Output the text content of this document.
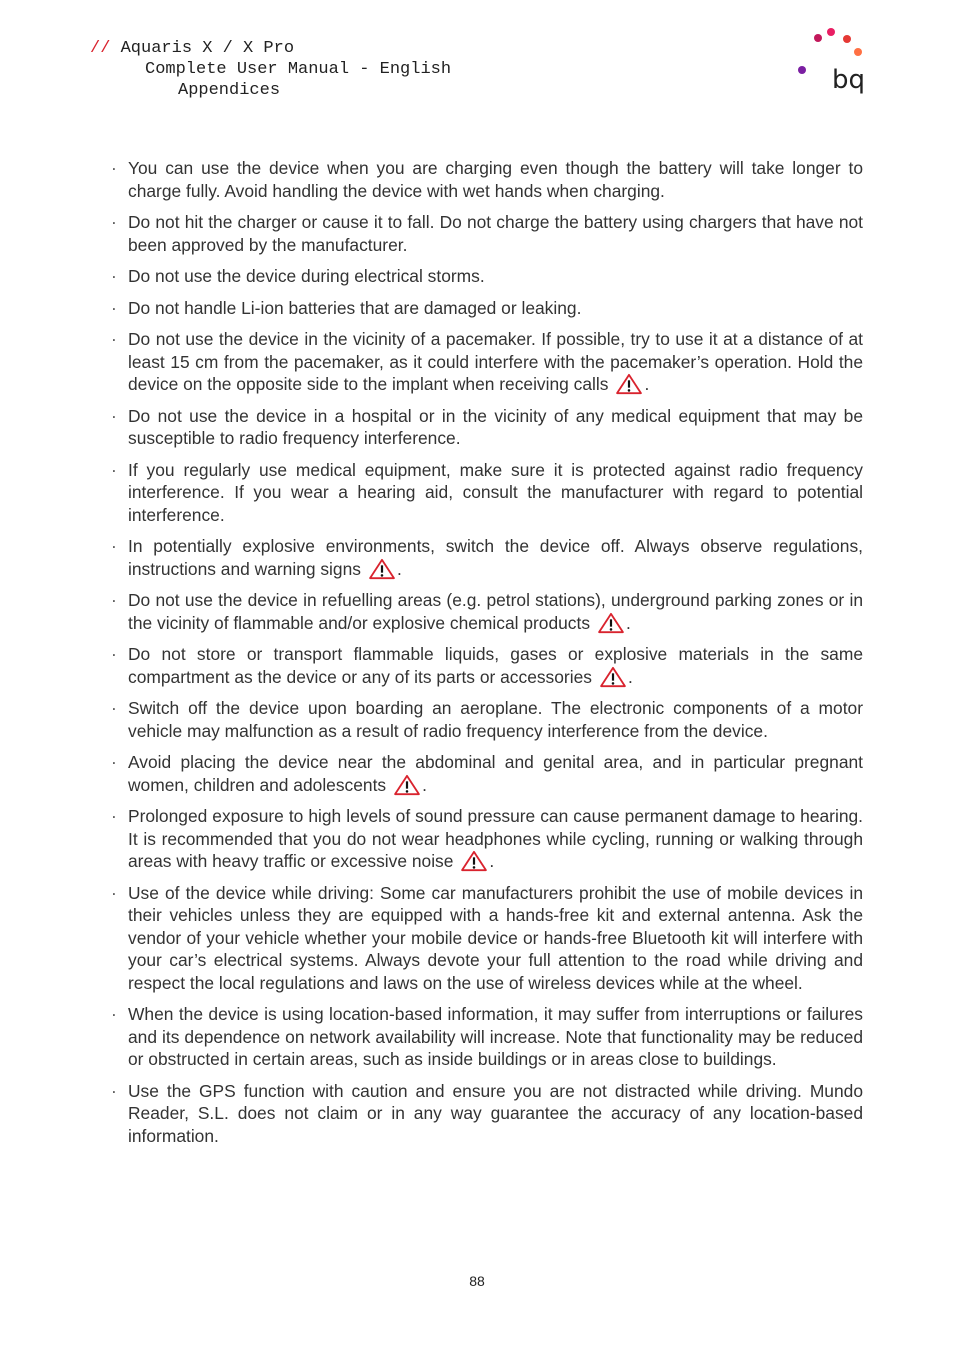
// Aquaris X / X Pro
Complete User Manual - English
Appendices	bq
· You can use the device when you are charging even though the battery will take longer to charge fully. Avoid handling the device with wet hands when charging.
· Do not hit the charger or cause it to fall. Do not charge the battery using chargers that have not been approved by the manufacturer.
· Do not use the device during electrical storms.
· Do not handle Li-ion batteries that are damaged or leaking.
· Do not use the device in the vicinity of a pacemaker. If possible, try to use it at a distance of at least 15 cm from the pacemaker, as it could interfere with the pacemaker’s operation. Hold the device on the opposite side to the implant when receiving calls .
· Do not use the device in a hospital or in the vicinity of any medical equipment that may be susceptible to radio frequency interference.
· If you regularly use medical equipment, make sure it is protected against radio frequency interference. If you wear a hearing aid, consult the manufacturer with regard to potential interference.
· In potentially explosive environments, switch the device off. Always observe regulations, instructions and warning signs .
· Do not use the device in refuelling areas (e.g. petrol stations), underground parking zones or in the vicinity of flammable and/or explosive chemical products .
· Do not store or transport flammable liquids, gases or explosive materials in the same compartment as the device or any of its parts or accessories .
· Switch off the device upon boarding an aeroplane. The electronic components of a motor vehicle may malfunction as a result of radio frequency interference from the device.
· Avoid placing the device near the abdominal and genital area, and in particular pregnant women, children and adolescents .
· Prolonged exposure to high levels of sound pressure can cause permanent damage to hearing. It is recommended that you do not wear headphones while cycling, running or walking through areas with heavy traffic or excessive noise .
· Use of the device while driving: Some car manufacturers prohibit the use of mobile devices in their vehicles unless they are equipped with a hands-free kit and external antenna. Ask the vendor of your vehicle whether your mobile device or hands-free Bluetooth kit will interfere with your car’s electrical systems. Always devote your full attention to the road while driving and respect the local regulations and laws on the use of wireless devices while at the wheel.
· When the device is using location-based information, it may suffer from interruptions or failures and its dependence on network availability will increase. Note that functionality may be reduced or obstructed in certain areas, such as inside buildings or in areas close to buildings.
· Use the GPS function with caution and ensure you are not distracted while driving. Mundo Reader, S.L. does not claim or in any way guarantee the accuracy of any location-based information.
88
